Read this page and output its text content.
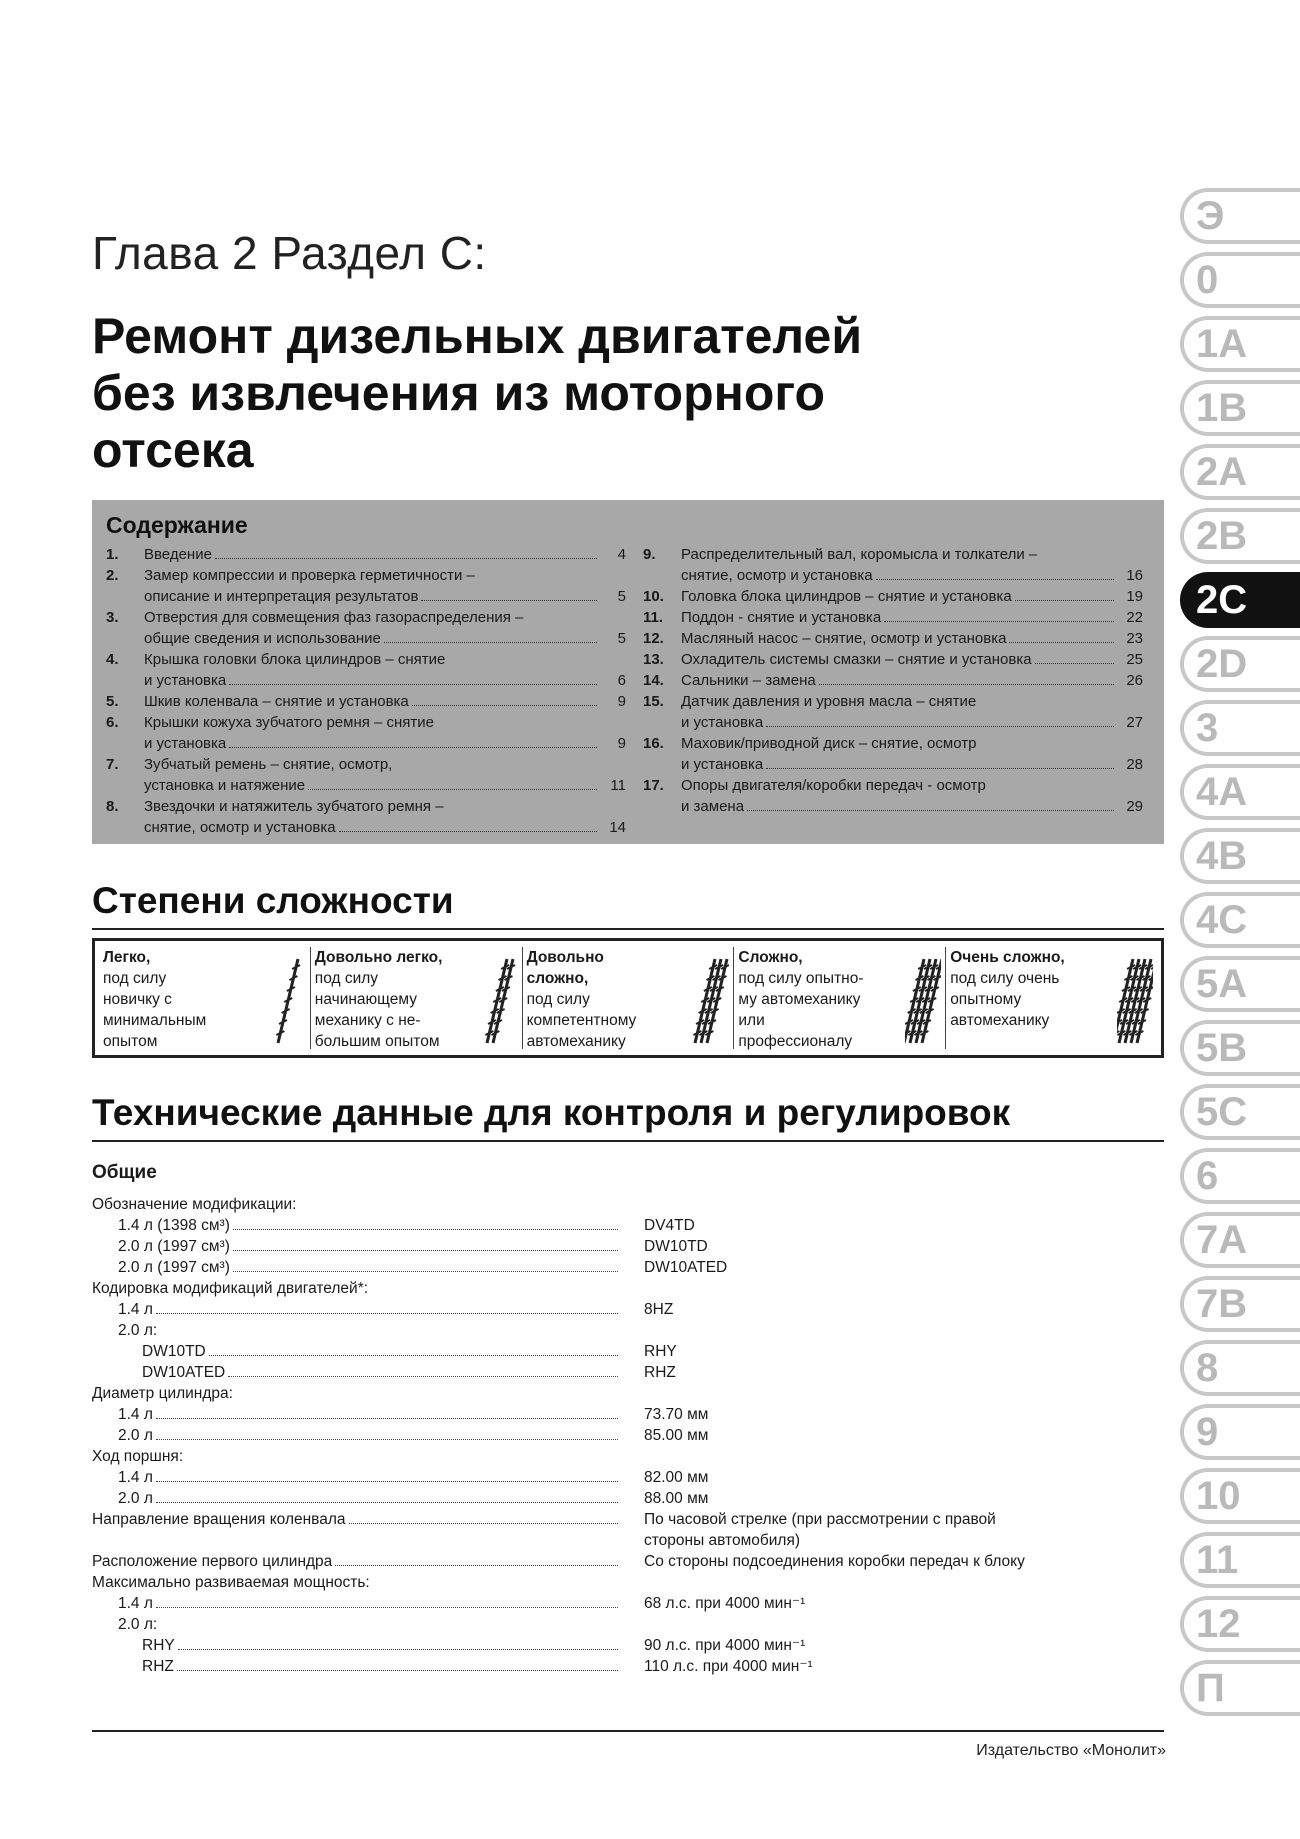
Глава 2 Раздел С:
Ремонт дизельных двигателей
без извлечения из моторного
отсека
Содержание
1.	Введение	4
2.	Замер компрессии и проверка герметичности –
описание и интерпретация результатов	5
3.	Отверстия для совмещения фаз газораспределения –
общие сведения и использование	5
4.	Крышка головки блока цилиндров – снятие
и установка	6
5.	Шкив коленвала – снятие и установка	9
6.	Крышки кожуха зубчатого ремня – снятие
и установка	9
7.	Зубчатый ремень – снятие, осмотр,
установка и натяжение	11
8.	Звездочки и натяжитель зубчатого ремня –
снятие, осмотр и установка	14
9.	Распределительный вал, коромысла и толкатели –
снятие, осмотр и установка	16
10.	Головка блока цилиндров – снятие и установка	19
11.	Поддон - снятие и установка	22
12.	Масляный насос – снятие, осмотр и установка	23
13.	Охладитель системы смазки – снятие и установка	25
14.	Сальники – замена	26
15.	Датчик давления и уровня масла – снятие
и установка	27
16.	Маховик/приводной диск – снятие, осмотр
и установка	28
17.	Опоры двигателя/коробки передач - осмотр
и замена	29
Степени сложности
Легко,
под силу
новичку с
минимальным
опытом
Довольно легко,
под силу
начинающему
механику с не-
большим опытом
Довольно
сложно,
под силу
компетентному
автомеханику
Сложно,
под силу опытно-
му автомеханику
или
профессионалу
Очень сложно,
под силу очень
опытному
автомеханику
Технические данные для контроля и регулировок
Общие
Обозначение модификации:
1.4 л (1398 см³)	DV4TD
2.0 л (1997 см³)	DW10TD
2.0 л (1997 см³)	DW10ATED
Кодировка модификаций двигателей*:
1.4 л	8HZ
2.0 л:
DW10TD	RHY
DW10ATED	RHZ
Диаметр цилиндра:
1.4 л	73.70 мм
2.0 л	85.00 мм
Ход поршня:
1.4 л	82.00 мм
2.0 л	88.00 мм
Направление вращения коленвала	По часовой стрелке (при рассмотрении с правой
стороны автомобиля)
Расположение первого цилиндра	Со стороны подсоединения коробки передач к блоку
Максимально развиваемая мощность:
1.4 л	68 л.с. при 4000 мин⁻¹
2.0 л:
RHY	90 л.с. при 4000 мин⁻¹
RHZ	110 л.с. при 4000 мин⁻¹
Издательство «Монолит»
Э
0
1A
1B
2A
2B
2C
2D
3
4A
4B
4C
5A
5B
5C
6
7A
7B
8
9
10
11
12
П
